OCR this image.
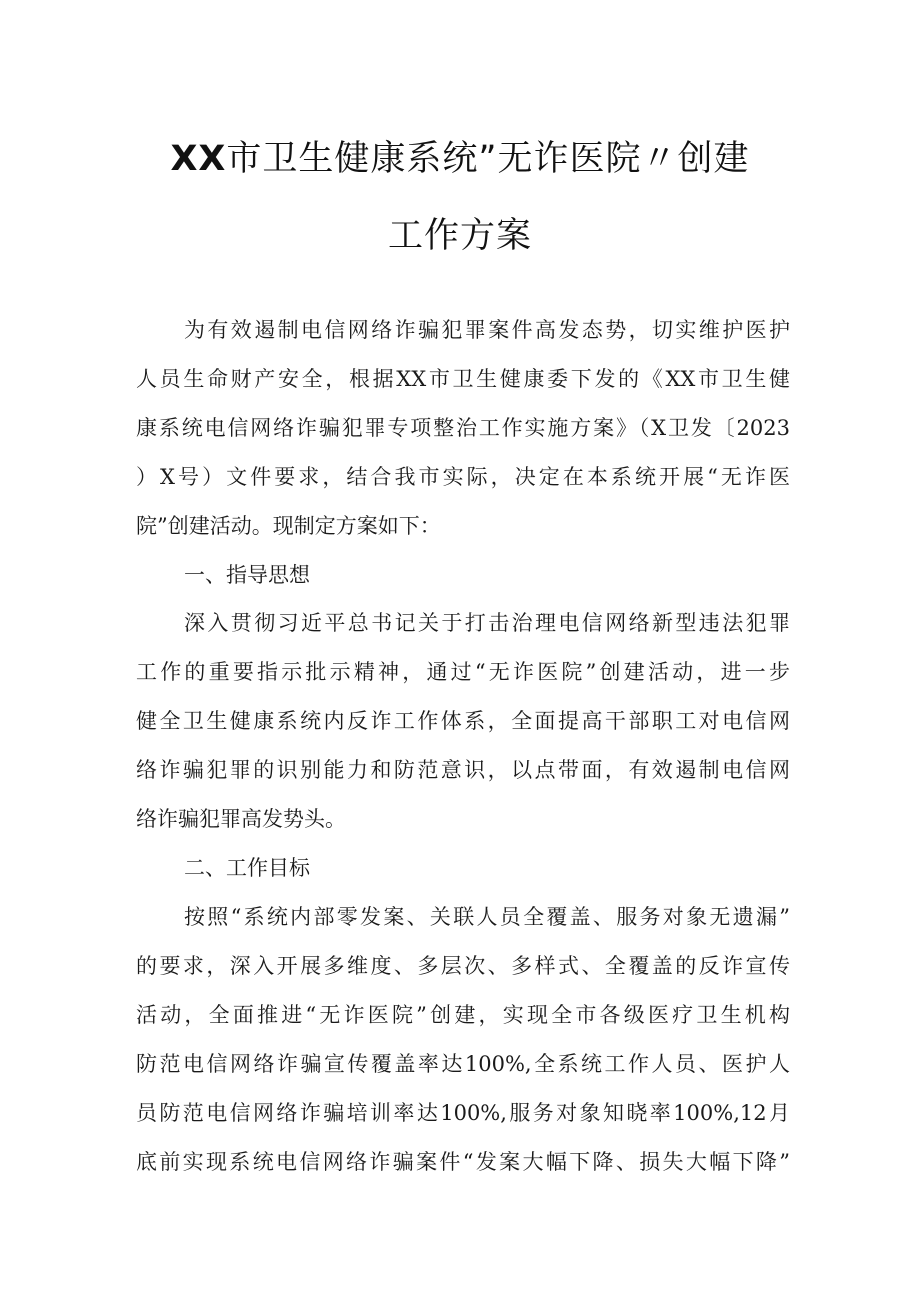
XX市卫生健康系统”无诈医院〃创建
工作方案
为有效遏制电信网络诈骗犯罪案件高发态势，切实维护医护
人员生命财产安全，根据XX市卫生健康委下发的《XX市卫生健
康系统电信网络诈骗犯罪专项整治工作实施方案》（X卫发〔2023
）X号）文件要求，结合我市实际，决定在本系统开展“无诈医
院”创建活动。现制定方案如下：
一、指导思想
深入贯彻习近平总书记关于打击治理电信网络新型违法犯罪
工作的重要指示批示精神，通过“无诈医院”创建活动，进一步
健全卫生健康系统内反诈工作体系，全面提高干部职工对电信网
络诈骗犯罪的识别能力和防范意识，以点带面，有效遏制电信网
络诈骗犯罪高发势头。
二、工作目标
按照“系统内部零发案、关联人员全覆盖、服务对象无遗漏”
的要求，深入开展多维度、多层次、多样式、全覆盖的反诈宣传
活动，全面推进“无诈医院”创建，实现全市各级医疗卫生机构
防范电信网络诈骗宣传覆盖率达100%,全系统工作人员、医护人
员防范电信网络诈骗培训率达100%,服务对象知晓率100%,12月
底前实现系统电信网络诈骗案件“发案大幅下降、损失大幅下降”
